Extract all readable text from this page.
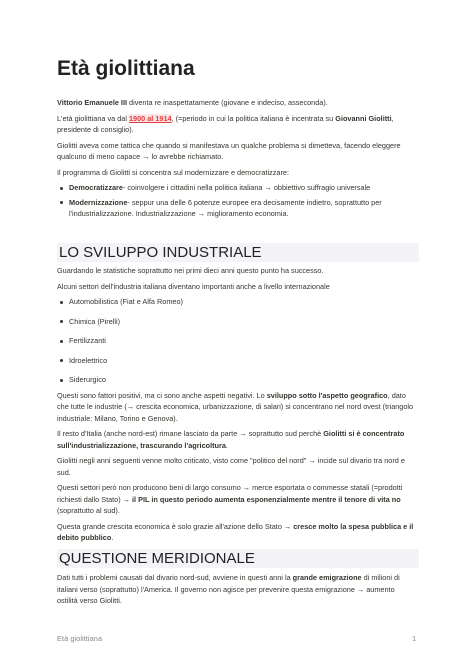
Età giolittiana

Vittorio Emanuele III diventa re inaspettatamente (giovane e indeciso, asseconda).

L'età giolittiana va dal 1900 al 1914, (=periodo in cui la politica italiana è incentrata su Giovanni Giolitti, presidente di consiglio).

Giolitti aveva come tattica che quando si manifestava un qualche problema si dimetteva, facendo eleggere qualcuno di meno capace → lo avrebbe richiamato.

Il programma di Giolitti si concentra sul modernizzare e democratizzare:

Democratizzare- coinvolgere i cittadini nella politica italiana → obbiettivo suffragio universale
Modernizzazione- seppur una delle 6 potenze europee era decisamente indietro, soprattutto per l'industrializzazione. Industrializzazione → miglioramento economia.
LO SVILUPPO INDUSTRIALE

Guardando le statistiche soprattutto nei primi dieci anni questo punto ha successo.

Alcuni settori dell'industria italiana diventano importanti anche a livello internazionale

Automobilistica (Fiat e Alfa Romeo)
Chimica (Pirelli)
Fertilizzanti
Idroelettrico
Siderurgico

Questi sono fattori positivi, ma ci sono anche aspetti negativi. Lo sviluppo sotto l'aspetto geografico, dato che tutte le industrie (→ crescita economica, urbanizzazione, di salari) si concentrano nel nord ovest (triangolo industriale: Milano, Torino e Genova).

Il resto d'Italia (anche nord-est) rimane lasciato da parte → soprattutto sud perchè Giolitti si è concentrato sull'industrializzazione, trascurando l'agricoltura.

Giolitti negli anni seguenti venne molto criticato, visto come "politico del nord" → incide sul divario tra nord e sud.

Questi settori però non producono beni di largo consumo → merce esportata o commesse statali (=prodotti richiesti dallo Stato) → il PIL in questo periodo aumenta esponenzialmente mentre il tenore di vita no (soprattutto al sud).

Questa grande crescita economica è solo grazie all'azione dello Stato → cresce molto la spesa pubblica e il debito pubblico.

QUESTIONE MERIDIONALE

Dati tutti i problemi causati dal divario nord-sud, avviene in questi anni la grande emigrazione di milioni di italiani verso (soprattutto) l'America. Il governo non agisce per prevenire questa emigrazione → aumento ostilità verso Giolitti.

Età giolittiana	1
